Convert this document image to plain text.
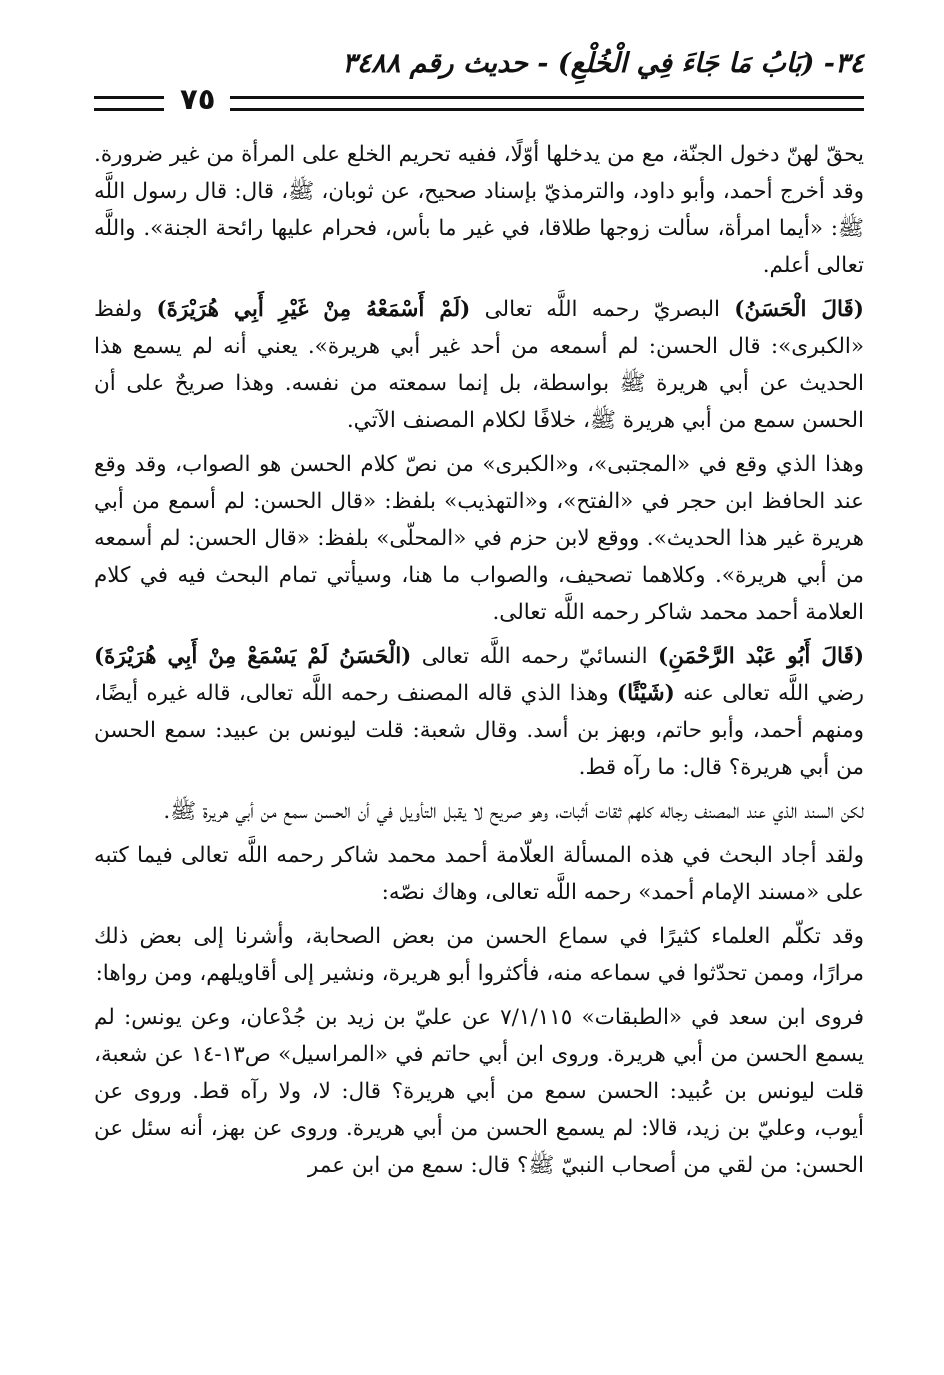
٣٤- (بَابُ مَا جَاءَ فِي الْخُلْعِ) - حديث رقم ٣٤٨٨
٧٥

يحقّ لهنّ دخول الجنّة، مع من يدخلها أوّلًا، ففيه تحريم الخلع على المرأة من غير ضرورة. وقد أخرج أحمد، وأبو داود، والترمذيّ بإسناد صحيح، عن ثوبان، ﷺ، قال: قال رسول اللَّه ﷺ: «أيما امرأة، سألت زوجها طلاقا، في غير ما بأس، فحرام عليها رائحة الجنة». واللَّه تعالى أعلم.

(قَالَ الْحَسَنُ) البصريّ رحمه اللَّه تعالى (لَمْ أَسْمَعْهُ مِنْ غَيْرِ أَبِي هُرَيْرَةَ) ولفظ «الكبرى»: قال الحسن: لم أسمعه من أحد غير أبي هريرة». يعني أنه لم يسمع هذا الحديث عن أبي هريرة ﷺ بواسطة، بل إنما سمعته من نفسه. وهذا صريحٌ على أن الحسن سمع من أبي هريرة ﷺ، خلافًا لكلام المصنف الآتي.

وهذا الذي وقع في «المجتبى»، و«الكبرى» من نصّ كلام الحسن هو الصواب، وقد وقع عند الحافظ ابن حجر في «الفتح»، و«التهذيب» بلفظ: «قال الحسن: لم أسمع من أبي هريرة غير هذا الحديث». ووقع لابن حزم في «المحلّى» بلفظ: «قال الحسن: لم أسمعه من أبي هريرة». وكلاهما تصحيف، والصواب ما هنا، وسيأتي تمام البحث فيه في كلام العلامة أحمد محمد شاكر رحمه اللَّه تعالى.

(قَالَ أَبُو عَبْد الرَّحْمَنِ) النسائيّ رحمه اللَّه تعالى (الْحَسَنُ لَمْ يَسْمَعْ مِنْ أَبِي هُرَيْرَةَ) رضي اللَّه تعالى عنه (شَيْئًا) وهذا الذي قاله المصنف رحمه اللَّه تعالى، قاله غيره أيضًا، ومنهم أحمد، وأبو حاتم، وبهز بن أسد. وقال شعبة: قلت ليونس بن عبيد: سمع الحسن من أبي هريرة؟ قال: ما رآه قط.

لكن السند الذي عند المصنف رجاله كلهم ثقات أثبات، وهو صريح لا يقبل التأويل في أن الحسن سمع من أبي هريرة ﷺ.

ولقد أجاد البحث في هذه المسألة العلّامة أحمد محمد شاكر رحمه اللَّه تعالى فيما كتبه على «مسند الإمام أحمد» رحمه اللَّه تعالى، وهاك نصّه:

وقد تكلّم العلماء كثيرًا في سماع الحسن من بعض الصحابة، وأشرنا إلى بعض ذلك مرارًا، وممن تحدّثوا في سماعه منه، فأكثروا أبو هريرة، ونشير إلى أقاويلهم، ومن رواها:

فروى ابن سعد في «الطبقات» ٧/١/١١٥ عن عليّ بن زيد بن جُدْعان، وعن يونس: لم يسمع الحسن من أبي هريرة. وروى ابن أبي حاتم في «المراسيل» ص١٣-١٤ عن شعبة، قلت ليونس بن عُبيد: الحسن سمع من أبي هريرة؟ قال: لا، ولا رآه قط. وروى عن أيوب، وعليّ بن زيد، قالا: لم يسمع الحسن من أبي هريرة. وروى عن بهز، أنه سئل عن الحسن: من لقي من أصحاب النبيّ ﷺ؟ قال: سمع من ابن عمر
